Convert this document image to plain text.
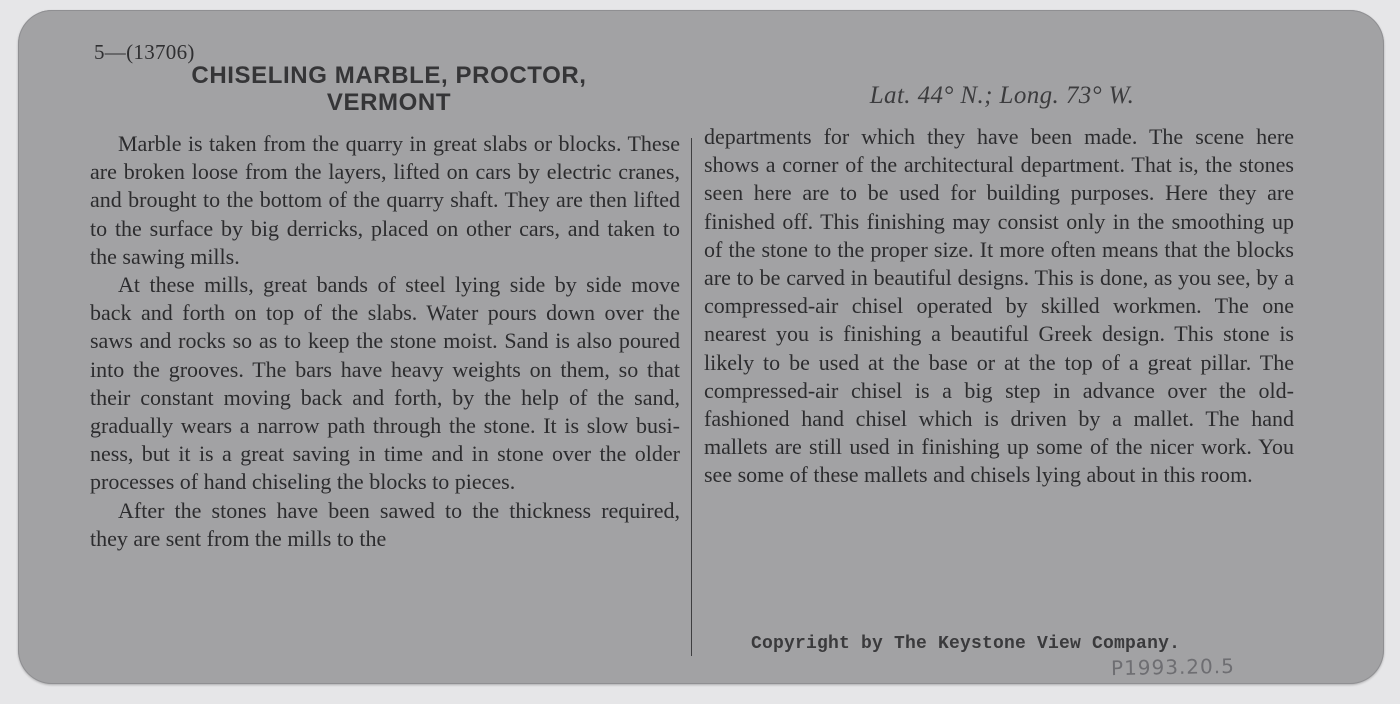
5—(13706)
CHISELING MARBLE, PROCTOR,
VERMONT	Lat. 44° N.; Long. 73° W.

Marble is taken from the quarry in great slabs or blocks. These are broken loose from the layers, lifted on cars by electric cranes, and brought to the bottom of the quarry shaft. They are then lifted to the surface by big derricks, placed on other cars, and taken to the sawing mills.

At these mills, great bands of steel lying side by side move back and forth on top of the slabs. Water pours down over the saws and rocks so as to keep the stone moist. Sand is also poured into the grooves. The bars have heavy weights on them, so that their constant moving back and forth, by the help of the sand, gradually wears a narrow path through the stone. It is slow business, but it is a great saving in time and in stone over the older processes of hand chiseling the blocks to pieces.

After the stones have been sawed to the thickness required, they are sent from the mills to the

departments for which they have been made. The scene here shows a corner of the architectural department. That is, the stones seen here are to be used for building purposes. Here they are finished off. This finishing may consist only in the smoothing up of the stone to the proper size. It more often means that the blocks are to be carved in beautiful designs. This is done, as you see, by a compressed-air chisel operated by skilled workmen. The one nearest you is finishing a beautiful Greek design. This stone is likely to be used at the base or at the top of a great pillar. The compressed-air chisel is a big step in advance over the old-fashioned hand chisel which is driven by a mallet. The hand mallets are still used in finishing up some of the nicer work. You see some of these mallets and chisels lying about in this room.

Copyright by The Keystone View Company.
P1993.20.5
